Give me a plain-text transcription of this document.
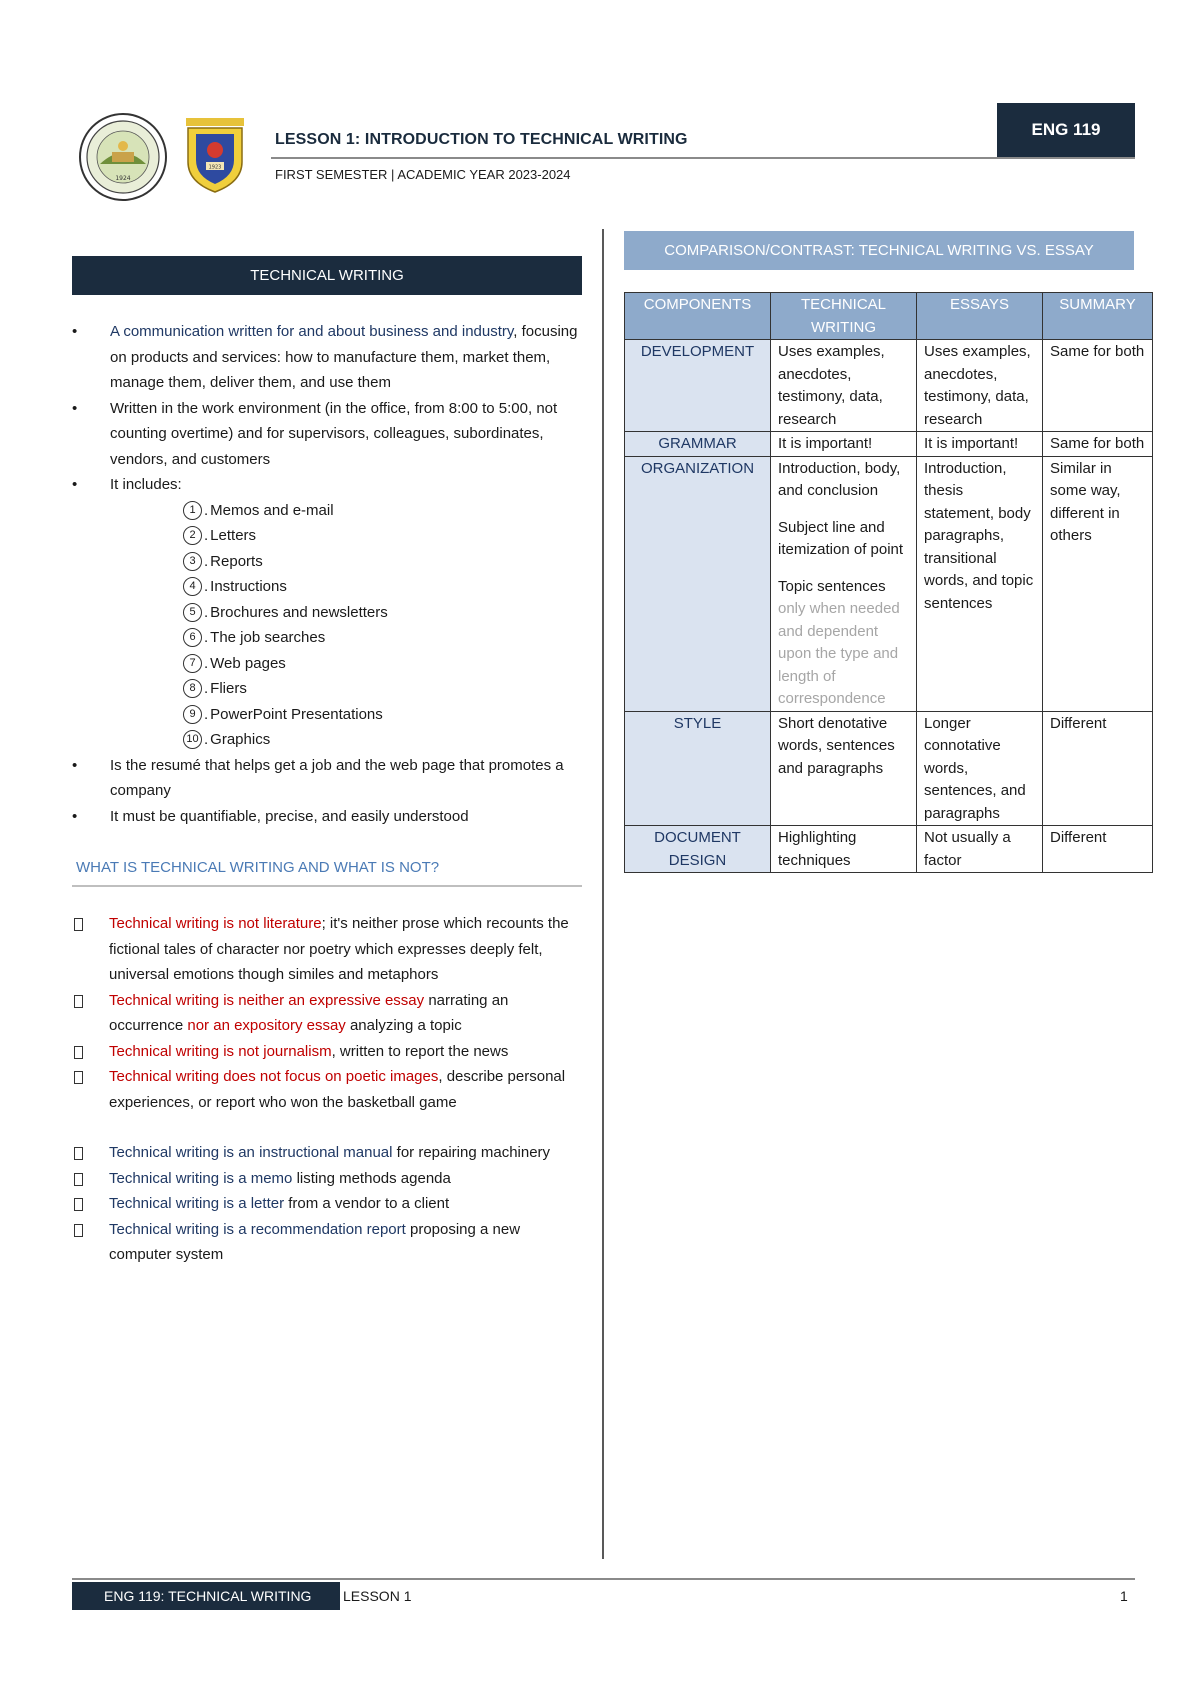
1924
1923
LESSON 1: INTRODUCTION TO TECHNICAL WRITING
FIRST SEMESTER | ACADEMIC YEAR 2023-2024
ENG 119
TECHNICAL WRITING
• A communication written for and about business and industry, focusing on products and services: how to manufacture them, market them, manage them, deliver them, and use them
• Written in the work environment (in the office, from 8:00 to 5:00, not counting overtime) and for supervisors, colleagues, subordinates, vendors, and customers
• It includes:
1 . Memos and e-mail
2 . Letters
3 . Reports
4 . Instructions
5 . Brochures and newsletters
6 . The job searches
7 . Web pages
8 . Fliers
9 . PowerPoint Presentations
10 . Graphics
• Is the resumé that helps get a job and the web page that promotes a company
• It must be quantifiable, precise, and easily understood
WHAT IS TECHNICAL WRITING AND WHAT IS NOT?
Technical writing is not literature; it's neither prose which recounts the fictional tales of character nor poetry which expresses deeply felt, universal emotions though similes and metaphors
Technical writing is neither an expressive essay narrating an occurrence nor an expository essay analyzing a topic
Technical writing is not journalism, written to report the news
Technical writing does not focus on poetic images, describe personal experiences, or report who won the basketball game
Technical writing is an instructional manual for repairing machinery
Technical writing is a memo listing methods agenda
Technical writing is a letter from a vendor to a client
Technical writing is a recommendation report proposing a new computer system
COMPARISON/CONTRAST: TECHNICAL WRITING VS. ESSAY
COMPONENTS	TECHNICAL WRITING	ESSAYS	SUMMARY
DEVELOPMENT	Uses examples, anecdotes, testimony, data, research	Uses examples, anecdotes, testimony, data, research	Same for both
GRAMMAR	It is important!	It is important!	Same for both
ORGANIZATION	Introduction, body, and conclusion
Subject line and itemization of point
Topic sentences only when needed and dependent upon the type and length of correspondence	Introduction, thesis statement, body paragraphs, transitional words, and topic sentences	Similar in some way, different in others
STYLE	Short denotative words, sentences and paragraphs	Longer connotative words, sentences, and paragraphs	Different
DOCUMENT DESIGN	Highlighting techniques	Not usually a factor	Different
ENG 119: TECHNICAL WRITING	LESSON 1	1
